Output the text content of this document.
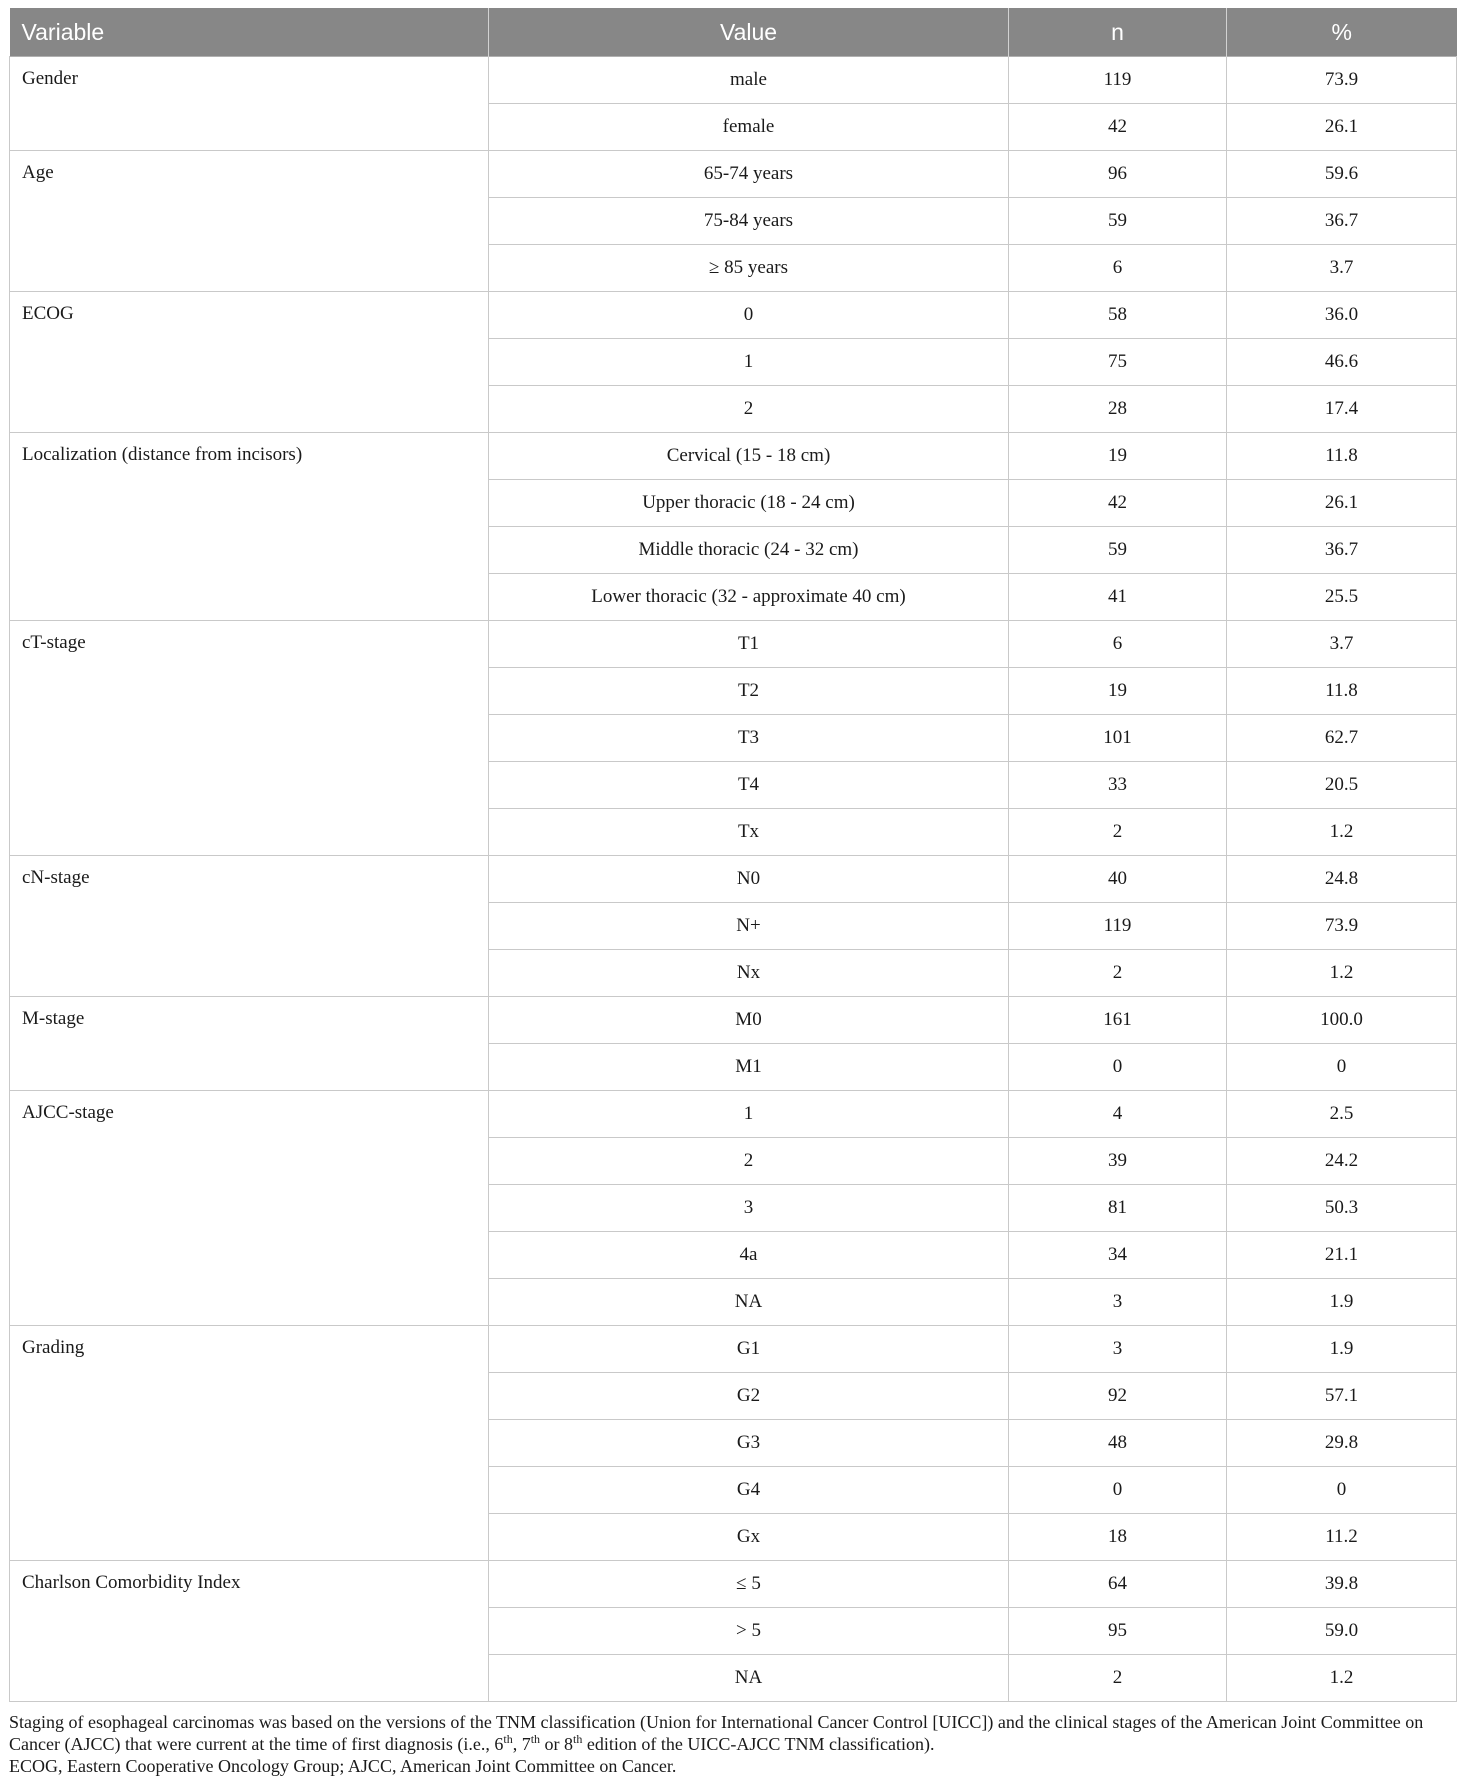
Variable	Value	n	%
Gender	male	119	73.9
	female	42	26.1
Age	65-74 years	96	59.6
	75-84 years	59	36.7
	≥ 85 years	6	3.7
ECOG	0	58	36.0
	1	75	46.6
	2	28	17.4
Localization (distance from incisors)	Cervical (15 - 18 cm)	19	11.8
	Upper thoracic (18 - 24 cm)	42	26.1
	Middle thoracic (24 - 32 cm)	59	36.7
	Lower thoracic (32 - approximate 40 cm)	41	25.5
cT-stage	T1	6	3.7
	T2	19	11.8
	T3	101	62.7
	T4	33	20.5
	Tx	2	1.2
cN-stage	N0	40	24.8
	N+	119	73.9
	Nx	2	1.2
M-stage	M0	161	100.0
	M1	0	0
AJCC-stage	1	4	2.5
	2	39	24.2
	3	81	50.3
	4a	34	21.1
	NA	3	1.9
Grading	G1	3	1.9
	G2	92	57.1
	G3	48	29.8
	G4	0	0
	Gx	18	11.2
Charlson Comorbidity Index	≤ 5	64	39.8
	> 5	95	59.0
	NA	2	1.2

Staging of esophageal carcinomas was based on the versions of the TNM classification (Union for International Cancer Control [UICC]) and the clinical stages of the American Joint Committee on Cancer (AJCC) that were current at the time of first diagnosis (i.e., 6th, 7th or 8th edition of the UICC-AJCC TNM classification).

ECOG, Eastern Cooperative Oncology Group; AJCC, American Joint Committee on Cancer.
